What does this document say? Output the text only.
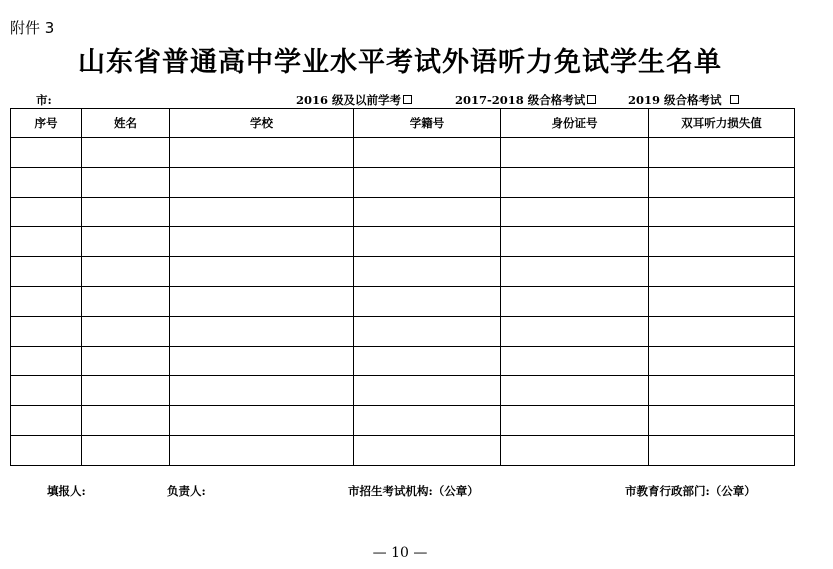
附件 3
山东省普通高中学业水平考试外语听力免试学生名单
市:	2016 级及以前学考	2017-2018 级合格考试	2019 级合格考试
序号	姓名	学校	学籍号	身份证号	双耳听力损失值

填报人:	负责人:	市招生考试机构:（公章）	市教育行政部门:（公章）
— 10 —
